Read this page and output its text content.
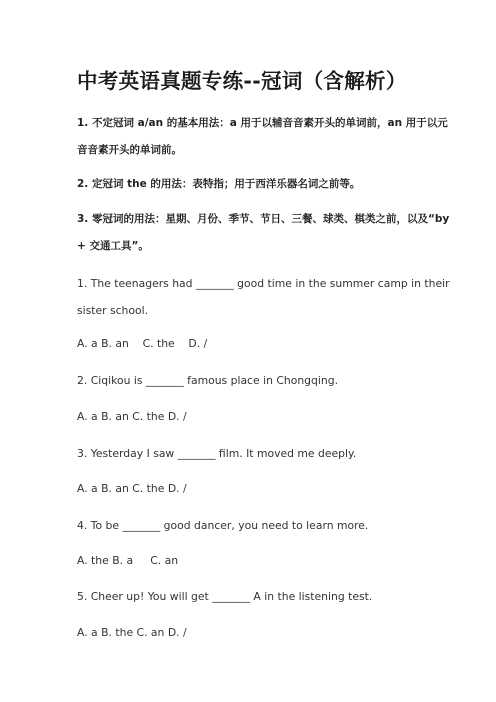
中考英语真题专练--冠词（含解析）
1. 不定冠词 a/an 的基本用法：a 用于以辅音音素开头的单词前，an 用于以元
音音素开头的单词前。
2. 定冠词 the 的用法：表特指；用于西洋乐器名词之前等。
3. 零冠词的用法：星期、月份、季节、节日、三餐、球类、棋类之前，以及“by
+ 交通工具”。
1. The teenagers had _______ good time in the summer camp in their
sister school.
A. a B. an    C. the    D. /
2. Ciqikou is _______ famous place in Chongqing.
A. a B. an C. the D. /
3. Yesterday I saw _______ film. It moved me deeply.
A. a B. an C. the D. /
4. To be _______ good dancer, you need to learn more.
A. the B. a     C. an
5. Cheer up! You will get _______ A in the listening test.
A. a B. the C. an D. /
